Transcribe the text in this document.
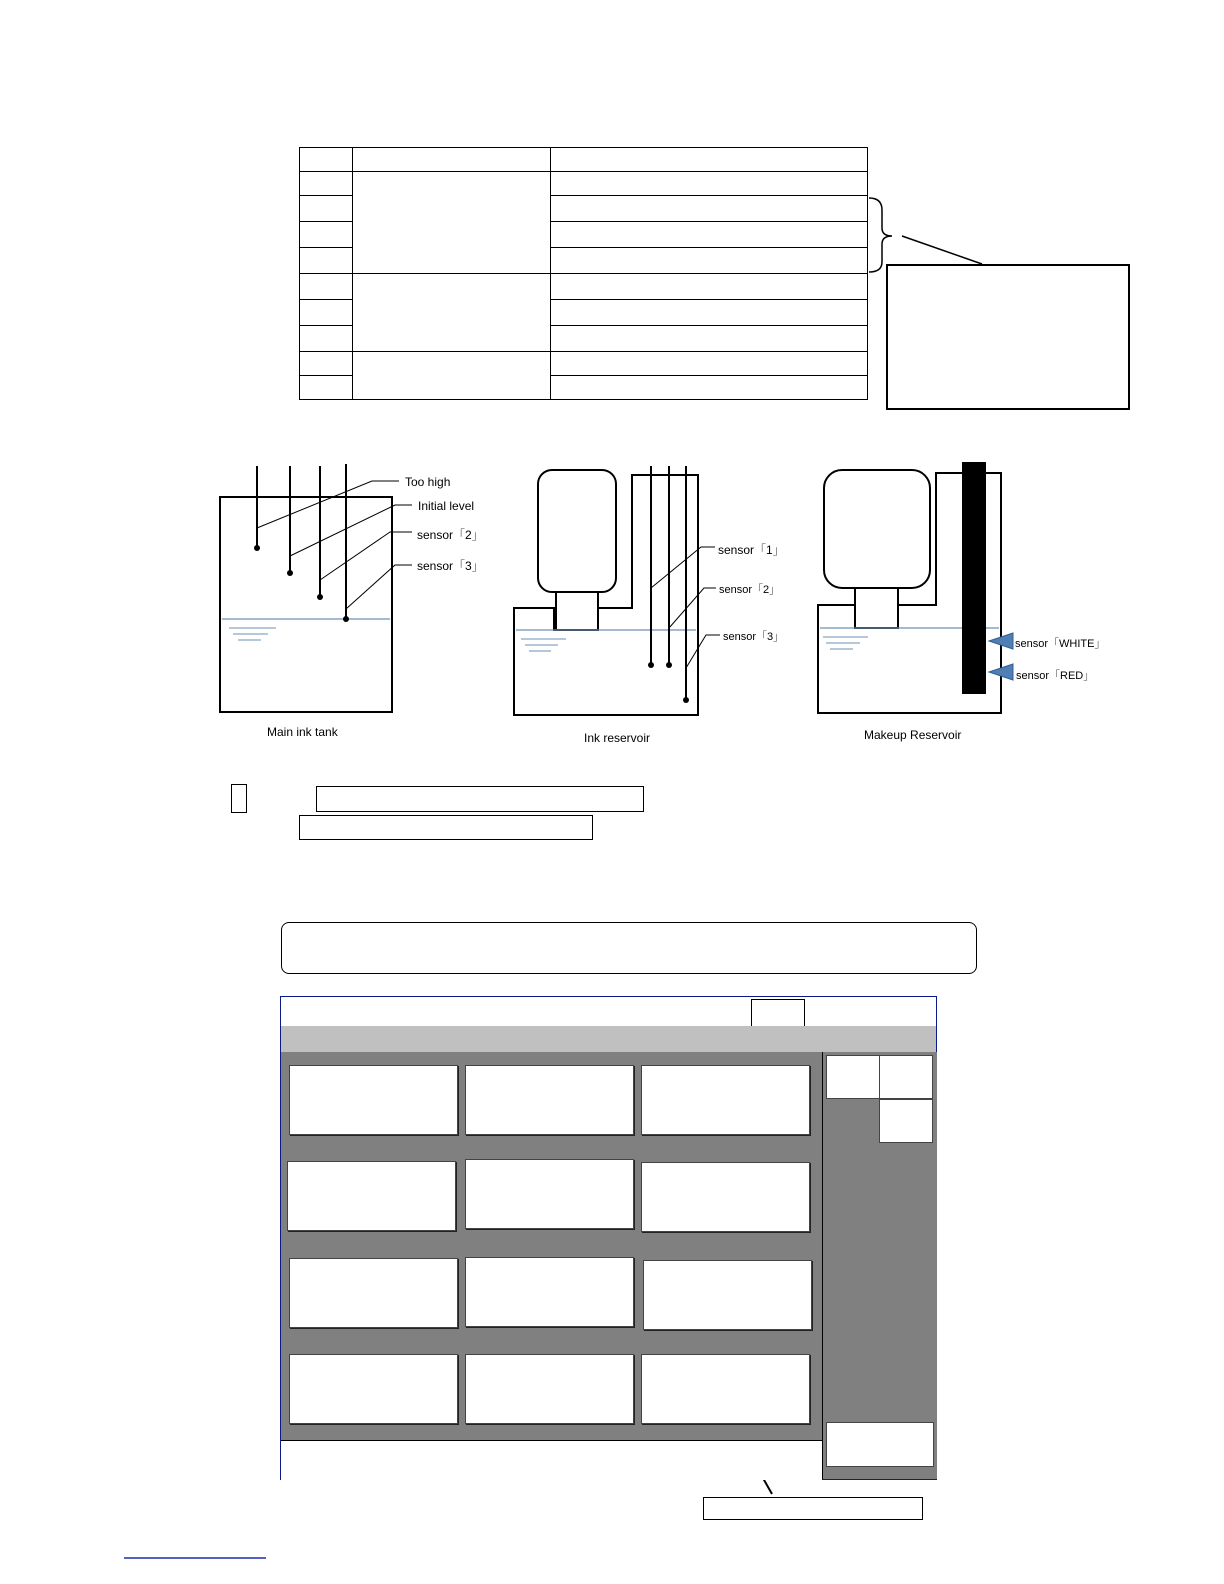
Too high
Initial level
sensor「2」
sensor「3」
Main ink tank
sensor「1」
sensor「2」
sensor「3」
Ink reservoir
sensor「WHITE」
sensor「RED」
Makeup Reservoir
